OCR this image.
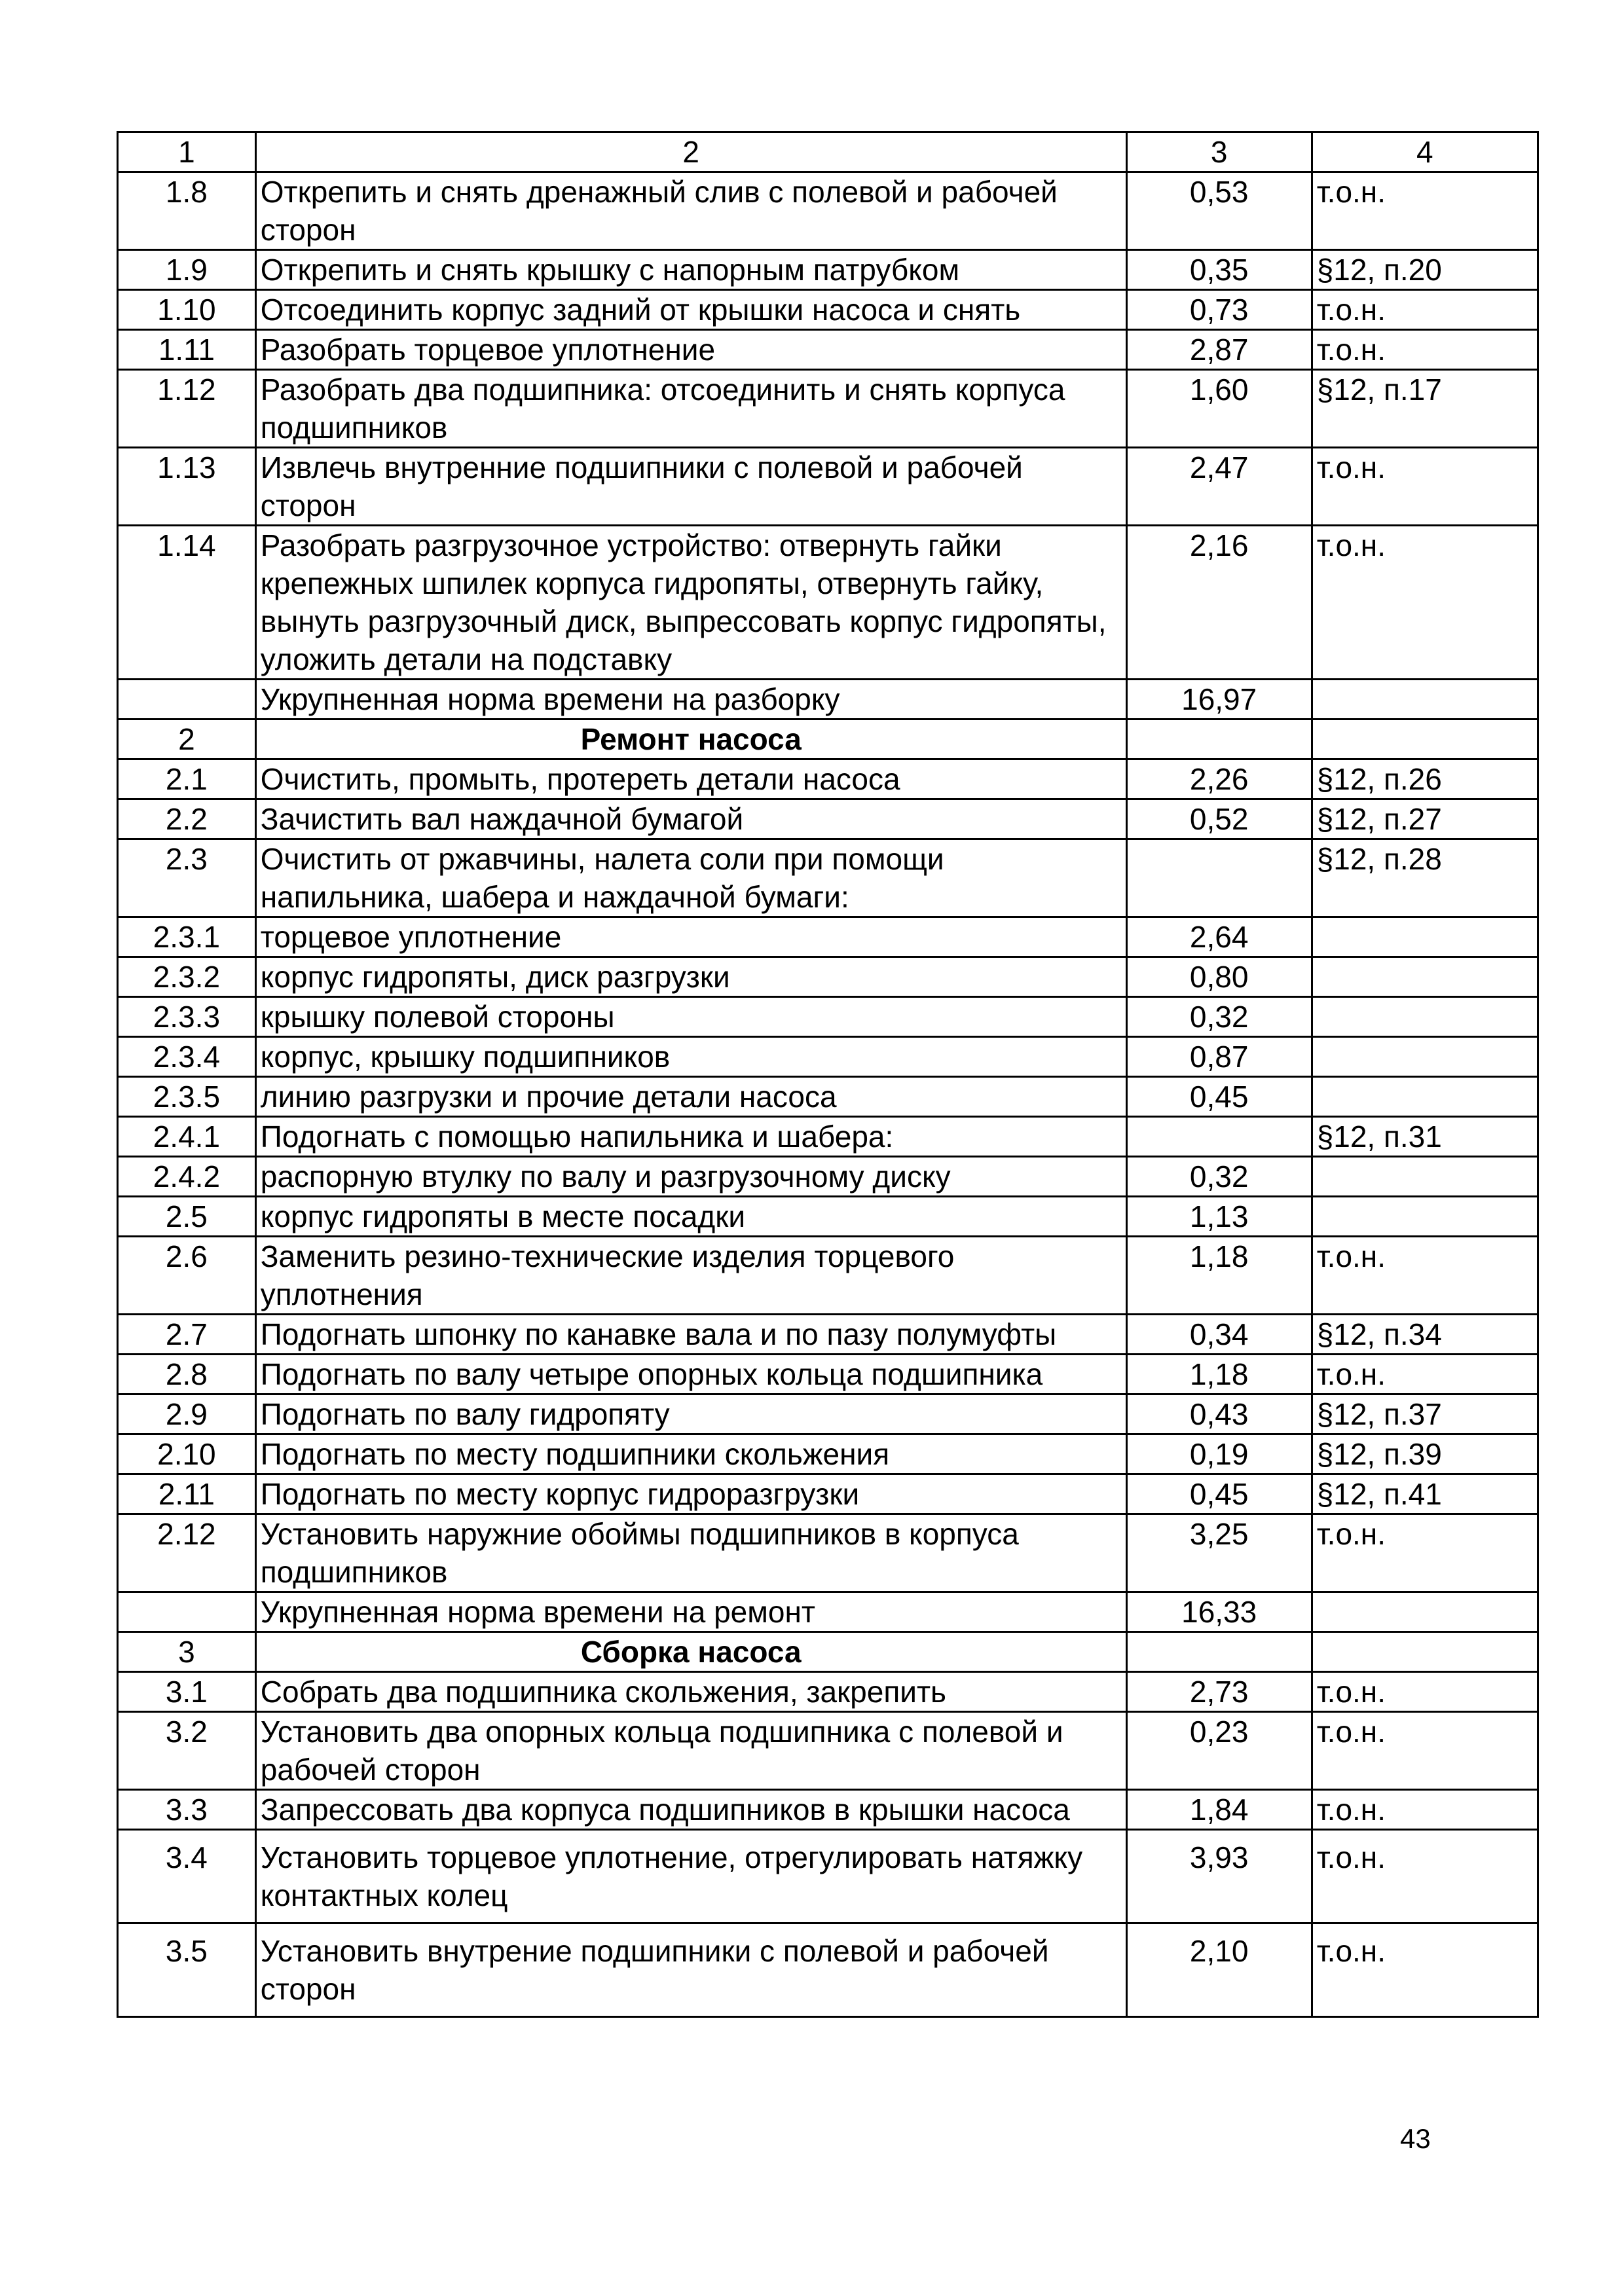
1	2	3	4
1.8	Открепить и снять дренажный слив с полевой и рабочей сторон	0,53	т.о.н.
1.9	Открепить и снять крышку с напорным патрубком	0,35	§12, п.20
1.10	Отсоединить корпус задний от крышки насоса и снять	0,73	т.о.н.
1.11	Разобрать торцевое уплотнение	2,87	т.о.н.
1.12	Разобрать два подшипника: отсоединить и снять корпуса подшипников	1,60	§12, п.17
1.13	Извлечь внутренние подшипники с полевой и рабочей сторон	2,47	т.о.н.
1.14	Разобрать разгрузочное устройство: отвернуть гайки крепежных шпилек корпуса гидропяты, отвернуть гайку, вынуть разгрузочный диск, выпрессовать корпус гидропяты, уложить детали на подставку	2,16	т.о.н.
	Укрупненная норма времени на разборку	16,97	
2	Ремонт насоса		
2.1	Очистить, промыть, протереть детали насоса	2,26	§12, п.26
2.2	Зачистить вал наждачной бумагой	0,52	§12, п.27
2.3	Очистить от ржавчины, налета соли при помощи напильника, шабера и наждачной бумаги:		§12, п.28
2.3.1	торцевое уплотнение	2,64	
2.3.2	корпус гидропяты, диск разгрузки	0,80	
2.3.3	крышку полевой стороны	0,32	
2.3.4	корпус, крышку подшипников	0,87	
2.3.5	линию разгрузки и прочие детали насоса	0,45	
2.4.1	Подогнать с помощью напильника и шабера:		§12, п.31
2.4.2	распорную втулку по валу и разгрузочному диску	0,32	
2.5	корпус гидропяты в месте посадки	1,13	
2.6	Заменить резино-технические изделия торцевого уплотнения	1,18	т.о.н.
2.7	Подогнать шпонку по канавке вала и по пазу полумуфты	0,34	§12, п.34
2.8	Подогнать по валу четыре опорных кольца подшипника	1,18	т.о.н.
2.9	Подогнать по валу гидропяту	0,43	§12, п.37
2.10	Подогнать по месту подшипники скольжения	0,19	§12, п.39
2.11	Подогнать по месту корпус гидроразгрузки	0,45	§12, п.41
2.12	Установить наружние обоймы подшипников в корпуса подшипников	3,25	т.о.н.
	Укрупненная норма времени на ремонт	16,33	
3	Сборка насоса		
3.1	Собрать два подшипника скольжения, закрепить	2,73	т.о.н.
3.2	Установить два опорных кольца подшипника с полевой и рабочей сторон	0,23	т.о.н.
3.3	Запрессовать два корпуса подшипников в крышки насоса	1,84	т.о.н.
3.4	Установить торцевое уплотнение, отрегулировать натяжку контактных колец	3,93	т.о.н.
3.5	Установить внутрение подшипники с полевой и рабочей сторон	2,10	т.о.н.
43
